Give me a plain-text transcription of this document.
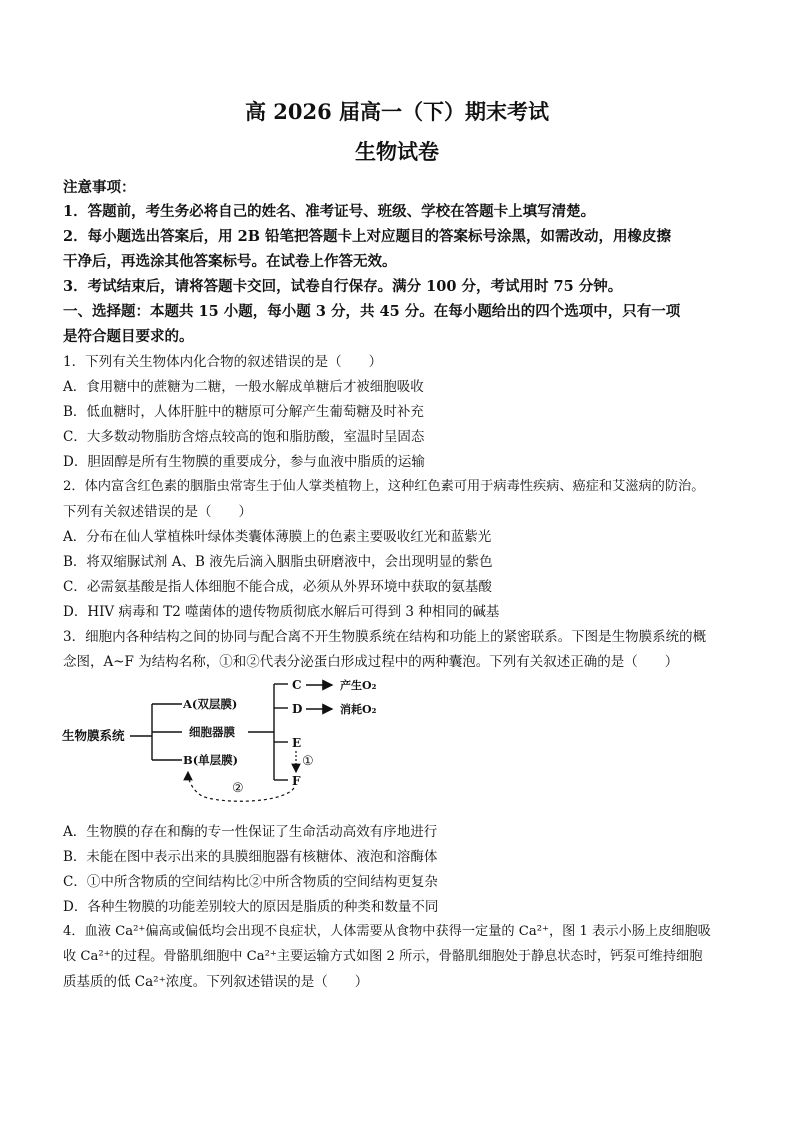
高 2026 届高一（下）期末考试
生物试卷
注意事项：
1．答题前，考生务必将自己的姓名、准考证号、班级、学校在答题卡上填写清楚。
2．每小题选出答案后，用 2B 铅笔把答题卡上对应题目的答案标号涂黑，如需改动，用橡皮擦
干净后，再选涂其他答案标号。在试卷上作答无效。
3．考试结束后，请将答题卡交回，试卷自行保存。满分 100 分，考试用时 75 分钟。
一、选择题：本题共 15 小题，每小题 3 分，共 45 分。在每小题给出的四个选项中，只有一项
是符合题目要求的。
1．下列有关生物体内化合物的叙述错误的是（　　）
A．食用糖中的蔗糖为二糖，一般水解成单糖后才被细胞吸收
B．低血糖时，人体肝脏中的糖原可分解产生葡萄糖及时补充
C．大多数动物脂肪含熔点较高的饱和脂肪酸，室温时呈固态
D．胆固醇是所有生物膜的重要成分，参与血液中脂质的运输
2．体内富含红色素的胭脂虫常寄生于仙人掌类植物上，这种红色素可用于病毒性疾病、癌症和艾滋病的防治。
下列有关叙述错误的是（　　）
A．分布在仙人掌植株叶绿体类囊体薄膜上的色素主要吸收红光和蓝紫光
B．将双缩脲试剂 A、B 液先后滴入胭脂虫研磨液中，会出现明显的紫色
C．必需氨基酸是指人体细胞不能合成，必须从外界环境中获取的氨基酸
D．HIV 病毒和 T2 噬菌体的遗传物质彻底水解后可得到 3 种相同的碱基
3．细胞内各种结构之间的协同与配合离不开生物膜系统在结构和功能上的紧密联系。下图是生物膜系统的概
念图，A~F 为结构名称，①和②代表分泌蛋白形成过程中的两种囊泡。下列有关叙述正确的是（　　）
生物膜系统
A(双层膜)
细胞器膜
B(单层膜)
C	产生O₂
D	消耗O₂
E
①
F
②
A．生物膜的存在和酶的专一性保证了生命活动高效有序地进行
B．未能在图中表示出来的具膜细胞器有核糖体、液泡和溶酶体
C．①中所含物质的空间结构比②中所含物质的空间结构更复杂
D．各种生物膜的功能差别较大的原因是脂质的种类和数量不同
4．血液 Ca²⁺偏高或偏低均会出现不良症状，人体需要从食物中获得一定量的 Ca²⁺，图 1 表示小肠上皮细胞吸
收 Ca²⁺的过程。骨骼肌细胞中 Ca²⁺主要运输方式如图 2 所示，骨骼肌细胞处于静息状态时，钙泵可维持细胞
质基质的低 Ca²⁺浓度。下列叙述错误的是（　　）
